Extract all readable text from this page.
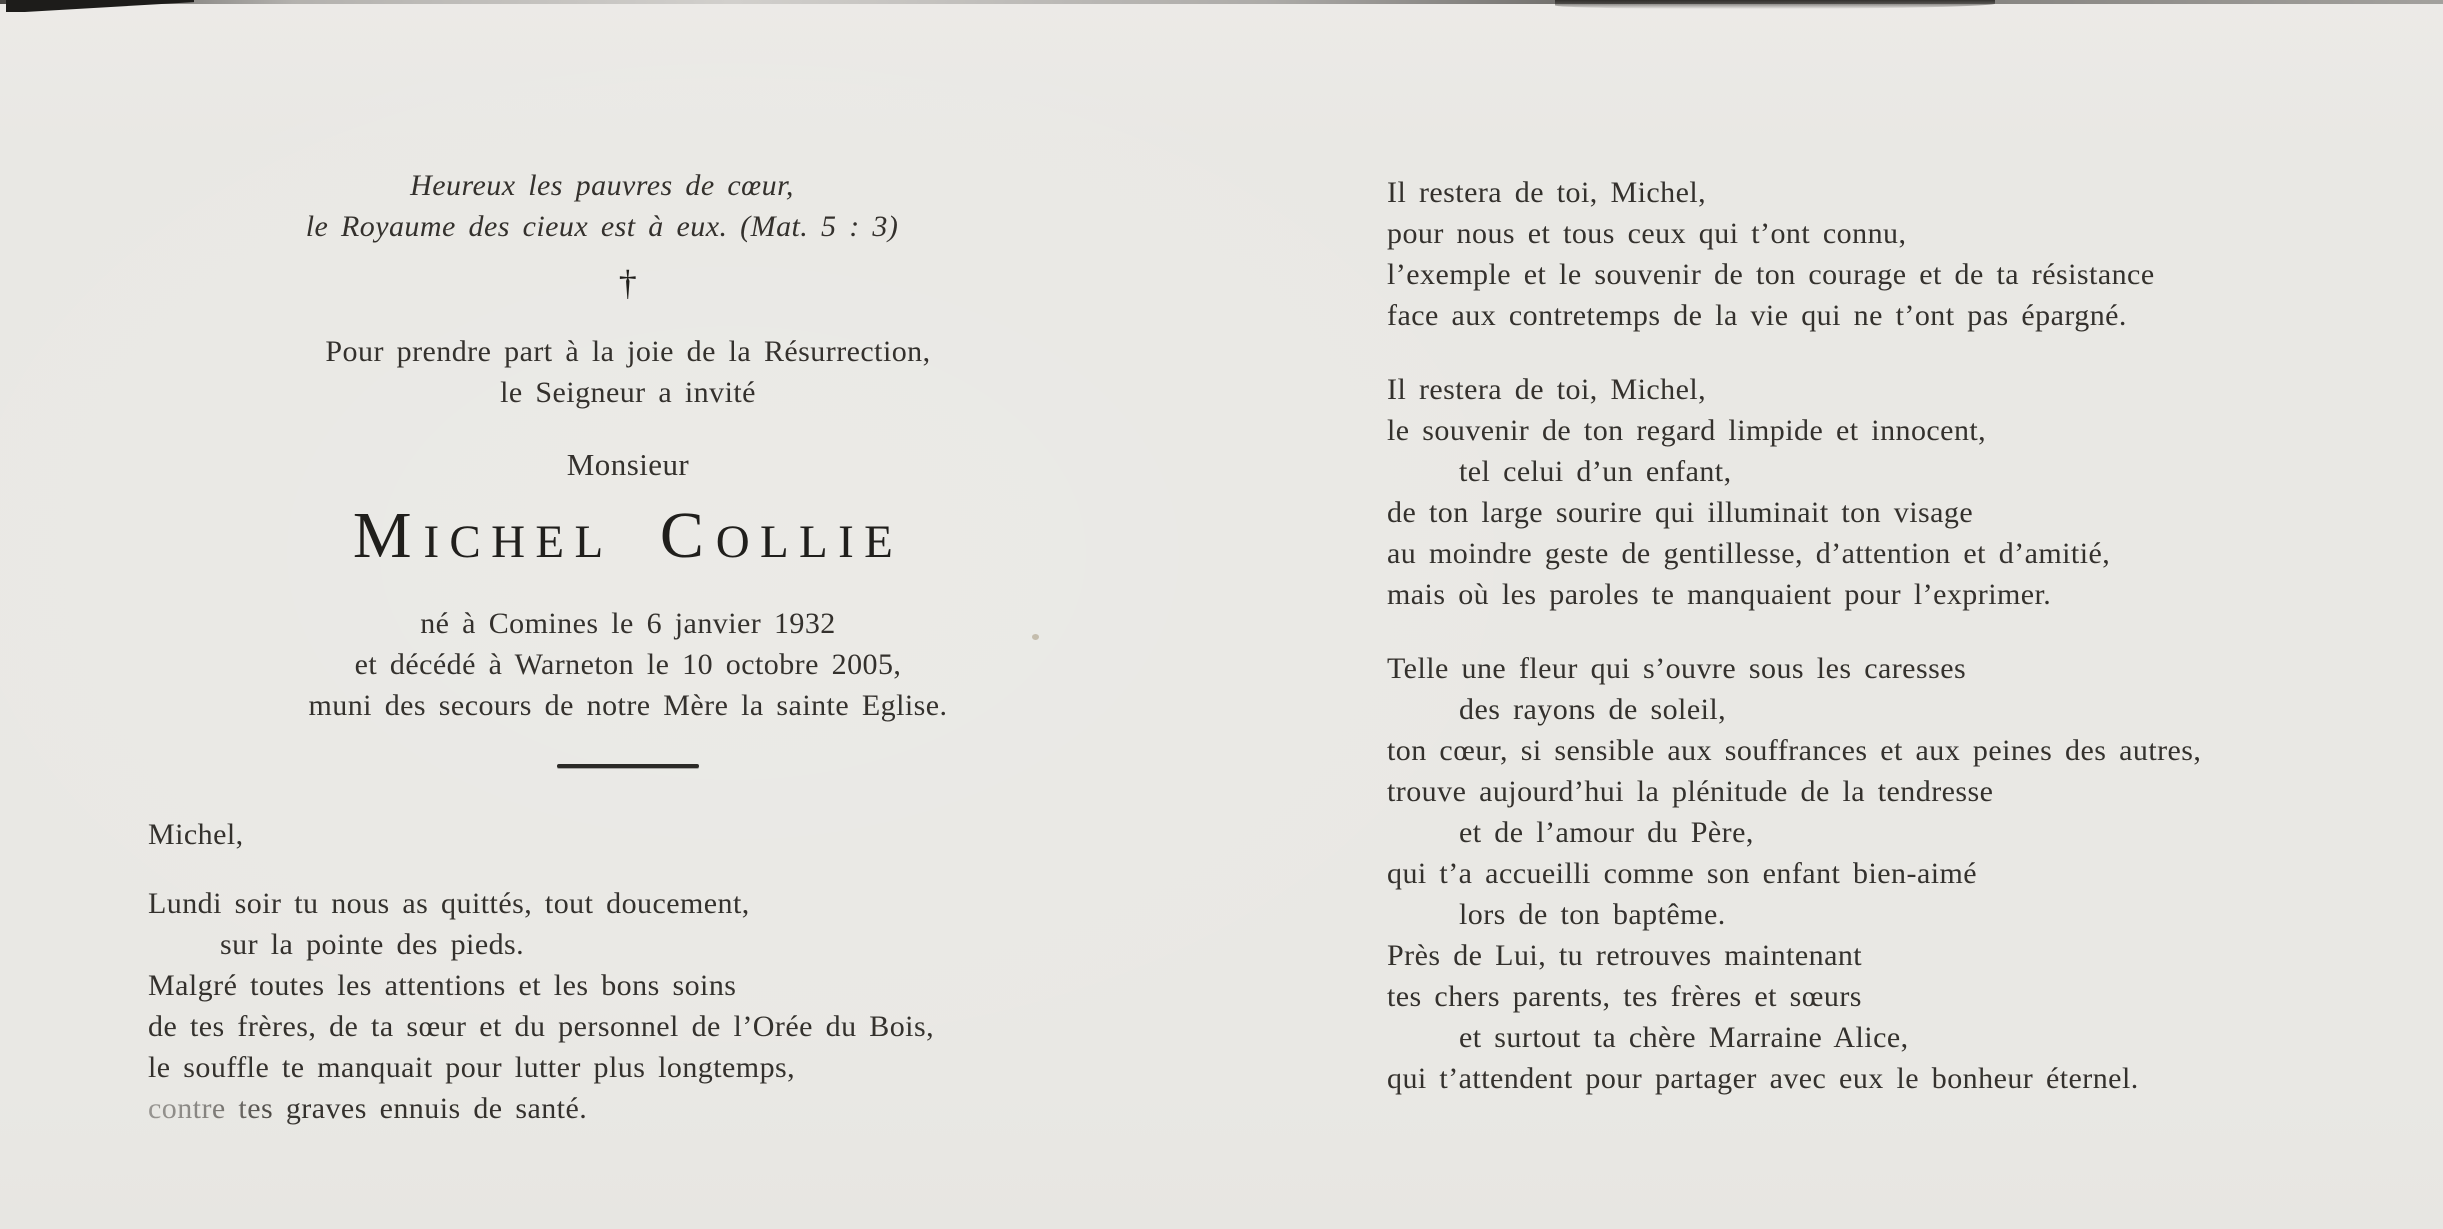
Heureux les pauvres de cœur,
le Royaume des cieux est à eux. (Mat. 5 : 3)
†
Pour prendre part à la joie de la Résurrection,
le Seigneur a invité
Monsieur
MICHEL COLLIE
né à Comines le 6 janvier 1932
et décédé à Warneton le 10 octobre 2005,
muni des secours de notre Mère la sainte Eglise.
Michel,
Lundi soir tu nous as quittés, tout doucement,
sur la pointe des pieds.
Malgré toutes les attentions et les bons soins
de tes frères, de ta sœur et du personnel de l’Orée du Bois,
le souffle te manquait pour lutter plus longtemps,
contre tes graves ennuis de santé.
Il restera de toi, Michel,
pour nous et tous ceux qui t’ont connu,
l’exemple et le souvenir de ton courage et de ta résistance
face aux contretemps de la vie qui ne t’ont pas épargné.
Il restera de toi, Michel,
le souvenir de ton regard limpide et innocent,
tel celui d’un enfant,
de ton large sourire qui illuminait ton visage
au moindre geste de gentillesse, d’attention et d’amitié,
mais où les paroles te manquaient pour l’exprimer.
Telle une fleur qui s’ouvre sous les caresses
des rayons de soleil,
ton cœur, si sensible aux souffrances et aux peines des autres,
trouve aujourd’hui la plénitude de la tendresse
et de l’amour du Père,
qui t’a accueilli comme son enfant bien-aimé
lors de ton baptême.
Près de Lui, tu retrouves maintenant
tes chers parents, tes frères et sœurs
et surtout ta chère Marraine Alice,
qui t’attendent pour partager avec eux le bonheur éternel.
